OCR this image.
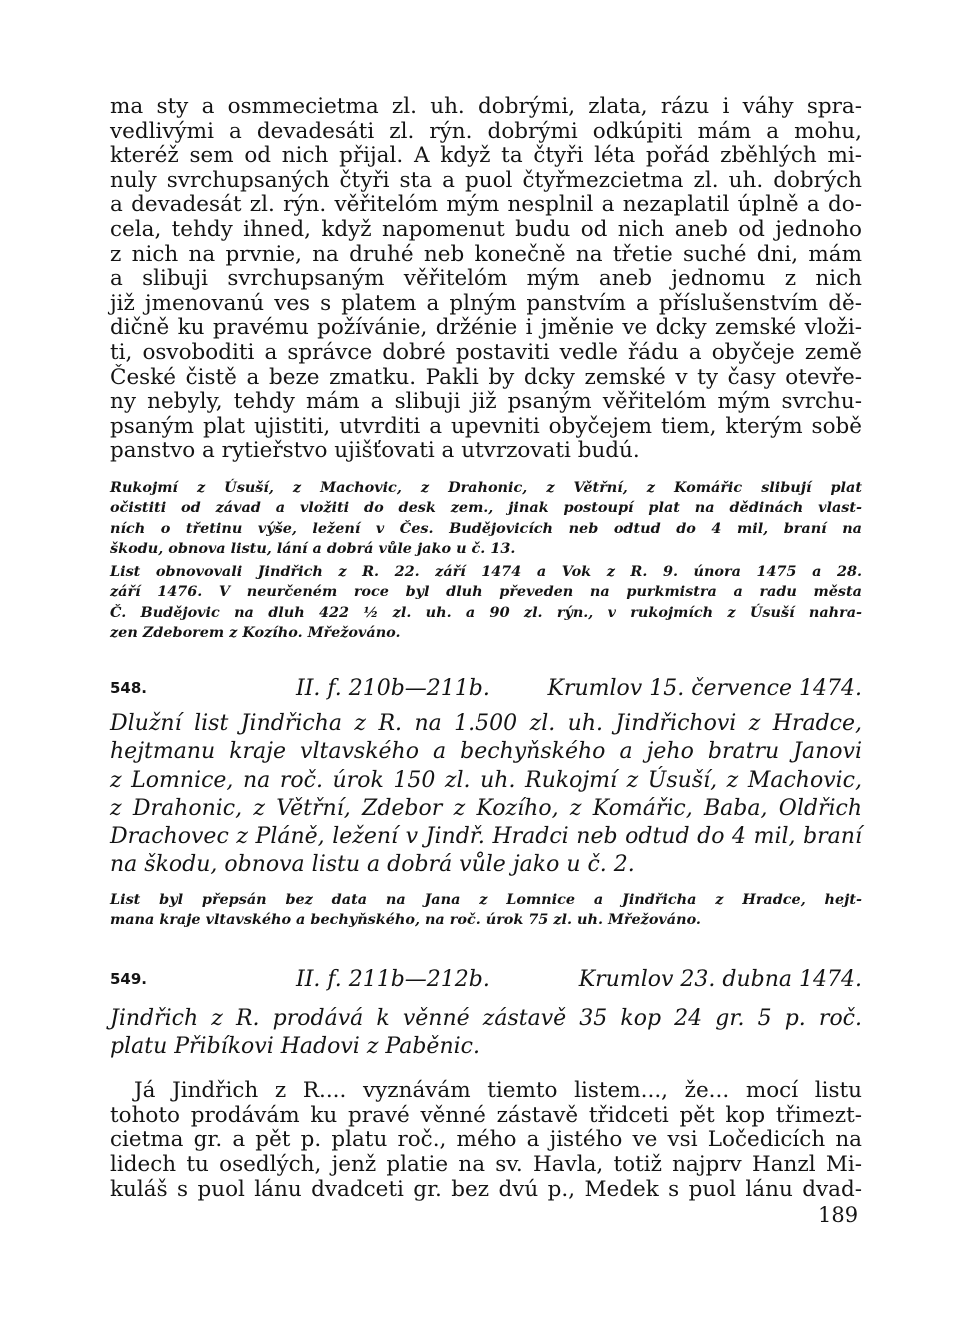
ma sty a osmmecietma zl. uh. dobrými, zlata, rázu i váhy spra-
vedlivými a devadesáti zl. rýn. dobrými odkúpiti mám a mohu,
kteréž sem od nich přijal. A když ta čtyři léta pořád zběhlých mi-
nuly svrchupsaných čtyři sta a puol čtyřmezcietma zl. uh. dobrých
a devadesát zl. rýn. věřitelóm mým nesplnil a nezaplatil úplně a do-
cela, tehdy ihned, když napomenut budu od nich aneb od jednoho
z nich na prvnie, na druhé neb konečně na třetie suché dni, mám
a slibuji svrchupsaným věřitelóm mým aneb jednomu z nich
již jmenovanú ves s platem a plným panstvím a příslušenstvím dě-
dičně ku pravému požívánie, držénie i jměnie ve dcky zemské vloži-
ti, osvoboditi a správce dobré postaviti vedle řádu a obyčeje země
České čistě a beze zmatku. Pakli by dcky zemské v ty časy otevře-
ny nebyly, tehdy mám a slibuji již psaným věřitelóm mým svrchu-
psaným plat ujistiti, utvrditi a upevniti obyčejem tiem, kterým sobě
panstvo a rytieřstvo ujišťovati a utvrzovati budú.
Rukojmí z Úsuší, z Machovic, z Drahonic, z Větřní, z Komářic slibují plat
očistiti od závad a vložiti do desk zem., jinak postoupí plat na dědinách vlast-
ních o třetinu výše, ležení v Čes. Budějovicích neb odtud do 4 mil, braní na
škodu, obnova listu, lání a dobrá vůle jako u č. 13.
List obnovovali Jindřich z R. 22. září 1474 a Vok z R. 9. února 1475 a 28.
září 1476. V neurčeném roce byl dluh převeden na purkmistra a radu města
Č. Budějovic na dluh 422 ½ zl. uh. a 90 zl. rýn., v rukojmích z Úsuší nahra-
zen Zdeborem z Kozího. Mřežováno.
548.	II. f. 210b—211b.	Krumlov 15. července 1474.
Dlužní list Jindřicha z R. na 1.500 zl. uh. Jindřichovi z Hradce,
hejtmanu kraje vltavského a bechyňského a jeho bratru Janovi
z Lomnice, na roč. úrok 150 zl. uh. Rukojmí z Úsuší, z Machovic,
z Drahonic, z Větřní, Zdebor z Kozího, z Komářic, Baba, Oldřich
Drachovec z Pláně, ležení v Jindř. Hradci neb odtud do 4 mil, braní
na škodu, obnova listu a dobrá vůle jako u č. 2.
List byl přepsán bez data na Jana z Lomnice a Jindřicha z Hradce, hejt-
mana kraje vltavského a bechyňského, na roč. úrok 75 zl. uh. Mřežováno.
549.	II. f. 211b—212b.	Krumlov 23. dubna 1474.
Jindřich z R. prodává k věnné zástavě 35 kop 24 gr. 5 p. roč.
platu Přibíkovi Hadovi z Paběnic.
Já Jindřich z R.... vyznávám tiemto listem..., že... mocí listu
tohoto prodávám ku pravé věnné zástavě třidceti pět kop třimezt-
cietma gr. a pět p. platu roč., mého a jistého ve vsi Ločedicích na
lidech tu osedlých, jenž platie na sv. Havla, totiž najprv Hanzl Mi-
kuláš s puol lánu dvadceti gr. bez dvú p., Medek s puol lánu dvad-
189
